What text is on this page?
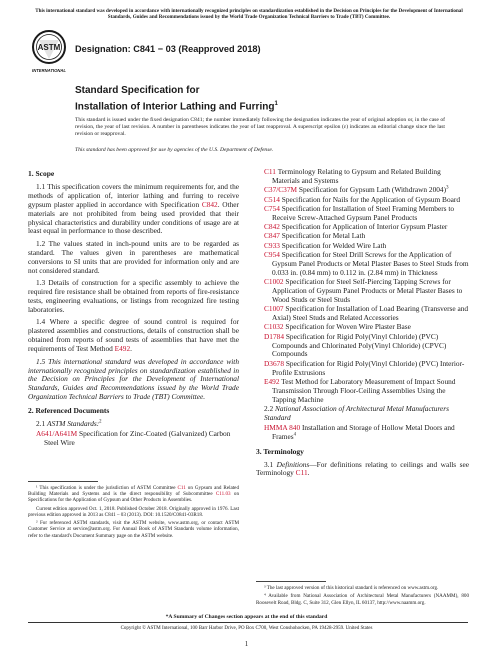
This international standard was developed in accordance with internationally recognized principles on standardization established in the Decision on Principles for the Development of International Standards, Guides and Recommendations issued by the World Trade Organization Technical Barriers to Trade (TBT) Committee.
ASTM
INTERNATIONAL
Designation: C841 − 03 (Reapproved 2018)
Standard Specification for
Installation of Interior Lathing and Furring$^1$
This standard is issued under the fixed designation C841; the number immediately following the designation indicates the year of original adoption or, in the case of revision, the year of last revision. A number in parentheses indicates the year of last reapproval. A superscript epsilon (ε) indicates an editorial change since the last revision or reapproval.
This standard has been approved for use by agencies of the U.S. Department of Defense.
1. Scope

1.1 This specification covers the minimum requirements for, and the methods of application of, interior lathing and furring to receive gypsum plaster applied in accordance with Specification C842. Other materials are not prohibited from being used provided that their physical characteristics and durability under conditions of usage are at least equal in performance to those described.

1.2 The values stated in inch-pound units are to be regarded as standard. The values given in parentheses are mathematical conversions to SI units that are provided for information only and are not considered standard.

1.3 Details of construction for a specific assembly to achieve the required fire resistance shall be obtained from reports of fire-resistance tests, engineering evaluations, or listings from recognized fire testing laboratories.

1.4 Where a specific degree of sound control is required for plastered assemblies and constructions, details of construction shall be obtained from reports of sound tests of assemblies that have met the requirements of Test Method E492.

1.5 This international standard was developed in accordance with internationally recognized principles on standardization established in the Decision on Principles for the Development of International Standards, Guides and Recommendations issued by the World Trade Organization Technical Barriers to Trade (TBT) Committee.

2. Referenced Documents
2.1 ASTM Standards:$^2$
A641/A641M Specification for Zinc-Coated (Galvanized) Carbon Steel Wire
¹ This specification is under the jurisdiction of ASTM Committee C11 on Gypsum and Related Building Materials and Systems and is the direct responsibility of Subcommittee C11.03 on Specifications for the Application of Gypsum and Other Products in Assemblies.
Current edition approved Oct. 1, 2018. Published October 2018. Originally approved in 1976. Last previous edition approved in 2013 as C841 – 03 (2013). DOI: 10.1520/C0841-03R18.
² For referenced ASTM standards, visit the ASTM website, www.astm.org, or contact ASTM Customer Service at service@astm.org. For Annual Book of ASTM Standards volume information, refer to the standard's Document Summary page on the ASTM website.
C11 Terminology Relating to Gypsum and Related Building Materials and Systems
C37/C37M Specification for Gypsum Lath (Withdrawn 2004)$^3$
C514 Specification for Nails for the Application of Gypsum Board
C754 Specification for Installation of Steel Framing Members to Receive Screw-Attached Gypsum Panel Products
C842 Specification for Application of Interior Gypsum Plaster
C847 Specification for Metal Lath
C933 Specification for Welded Wire Lath
C954 Specification for Steel Drill Screws for the Application of Gypsum Panel Products or Metal Plaster Bases to Steel Studs from 0.033 in. (0.84 mm) to 0.112 in. (2.84 mm) in Thickness
C1002 Specification for Steel Self-Piercing Tapping Screws for Application of Gypsum Panel Products or Metal Plaster Bases to Wood Studs or Steel Studs
C1007 Specification for Installation of Load Bearing (Transverse and Axial) Steel Studs and Related Accessories
C1032 Specification for Woven Wire Plaster Base
D1784 Specification for Rigid Poly(Vinyl Chloride) (PVC) Compounds and Chlorinated Poly(Vinyl Chloride) (CPVC) Compounds
D3678 Specification for Rigid Poly(Vinyl Chloride) (PVC) Interior-Profile Extrusions
E492 Test Method for Laboratory Measurement of Impact Sound Transmission Through Floor-Ceiling Assemblies Using the Tapping Machine
2.2 National Association of Architectural Metal Manufacturers Standard
HMMA 840 Installation and Storage of Hollow Metal Doors and Frames$^4$
3. Terminology

3.1 Definitions—For definitions relating to ceilings and walls see Terminology C11.

³ The last approved version of this historical standard is referenced on www.astm.org.
⁴ Available from National Association of Architectural Metal Manufacturers (NAAMM), 800 Roosevelt Road, Bldg. C, Suite 312, Glen Ellyn, IL 60137, http://www.naamm.org.
*A Summary of Changes section appears at the end of this standard
Copyright © ASTM International, 100 Barr Harbor Drive, PO Box C700, West Conshohocken, PA 19428-2959. United States
1
